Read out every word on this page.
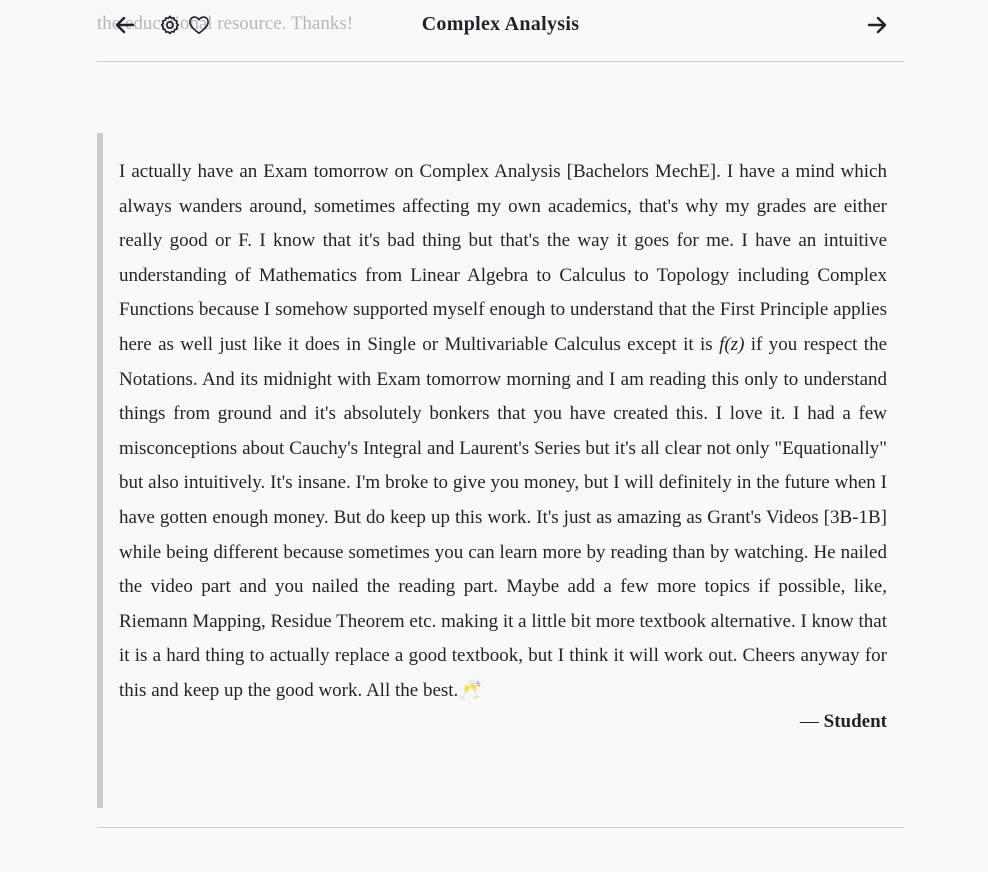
the educational resource. Thanks!	Complex Analysis

I actually have an Exam tomorrow on Complex Analysis [Bachelors MechE]. I have a mind which always wanders around, sometimes affecting my own academics, that's why my grades are either really good or F. I know that it's bad thing but that's the way it goes for me. I have an intuitive understanding of Mathematics from Linear Algebra to Calculus to Topology including Complex Functions because I somehow supported myself enough to understand that the First Principle applies here as well just like it does in Single or Multivariable Calculus except it is f(z) if you respect the Notations. And its midnight with Exam tomorrow morning and I am reading this only to understand things from ground and it's absolutely bonkers that you have created this. I love it. I had a few misconceptions about Cauchy's Integral and Laurent's Series but it's all clear not only "Equationally" but also intuitively. It's insane. I'm broke to give you money, but I will definitely in the future when I have gotten enough money. But do keep up this work. It's just as amazing as Grant's Videos [3B-1B] while being different because sometimes you can learn more by reading than by watching. He nailed the video part and you nailed the reading part. Maybe add a few more topics if possible, like, Riemann Mapping, Residue Theorem etc. making it a little bit more textbook alternative. I know that it is a hard thing to actually replace a good textbook, but I think it will work out. Cheers anyway for this and keep up the good work. All the best.🥂

— Student
